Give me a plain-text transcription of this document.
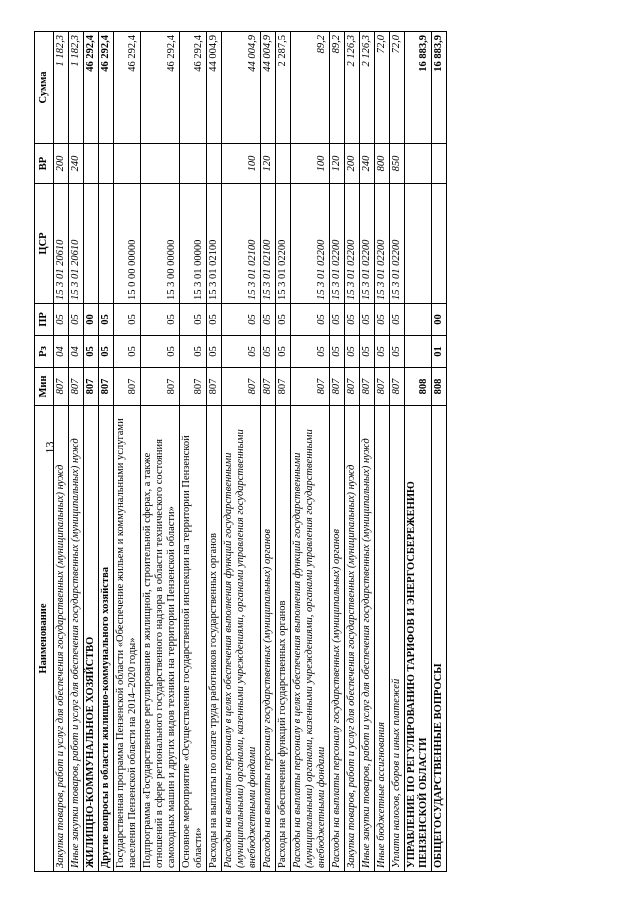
13
Наименование	Мин	Рз	ПР	ЦСР	ВР	Сумма
Закупка товаров, работ и услуг для обеспечения государственных (муниципальных) нужд	807	04	05	15 3 01 20610	200	1 182,3
Иные закупки товаров, работ и услуг для обеспечения государственных (муниципальных) нужд	807	04	05	15 3 01 20610	240	1 182,3
ЖИЛИЩНО-КОММУНАЛЬНОЕ ХОЗЯЙСТВО	807	05	00			46 292,4
Другие вопросы в области жилищно-коммунального хозяйства	807	05	05			46 292,4
Государственная программа Пензенской области «Обеспечение жильем и коммунальными услугами населения Пензенской области на 2014–2020 годы»	807	05	05	15 0 00 00000		46 292,4
Подпрограмма «Государственное регулирование в жилищной, строительной сферах, а также отношений в сфере регионального государственного надзора в области технического состояния самоходных машин и других видов техники на территории Пензенской области»	807	05	05	15 3 00 00000		46 292,4
Основное мероприятие «Осуществление государственной инспекции на территории Пензенской области»	807	05	05	15 3 01 00000		46 292,4
Расходы на выплаты по оплате труда работников государственных органов	807	05	05	15 3 01 02100		44 004,9
Расходы на выплаты персоналу в целях обеспечения выполнения функций государственными (муниципальными) органами, казенными учреждениями, органами управления государственными внебюджетными фондами	807	05	05	15 3 01 02100	100	44 004,9
Расходы на выплаты персоналу государственных (муниципальных) органов	807	05	05	15 3 01 02100	120	44 004,9
Расходы на обеспечение функций государственных органов	807	05	05	15 3 01 02200		2 287,5
Расходы на выплаты персоналу в целях обеспечения выполнения функций государственными (муниципальными) органами, казенными учреждениями, органами управления государственными внебюджетными фондами	807	05	05	15 3 01 02200	100	89,2
Расходы на выплаты персоналу государственных (муниципальных) органов	807	05	05	15 3 01 02200	120	89,2
Закупка товаров, работ и услуг для обеспечения государственных (муниципальных) нужд	807	05	05	15 3 01 02200	200	2 126,3
Иные закупки товаров, работ и услуг для обеспечения государственных (муниципальных) нужд	807	05	05	15 3 01 02200	240	2 126,3
Иные бюджетные ассигнования	807	05	05	15 3 01 02200	800	72,0
Уплата налогов, сборов и иных платежей	807	05	05	15 3 01 02200	850	72,0
УПРАВЛЕНИЕ ПО РЕГУЛИРОВАНИЮ ТАРИФОВ И ЭНЕРГОСБЕРЕЖЕНИЮ ПЕНЗЕНСКОЙ ОБЛАСТИ	808					16 883,9
ОБЩЕГОСУДАРСТВЕННЫЕ ВОПРОСЫ	808	01	00			16 883,9
